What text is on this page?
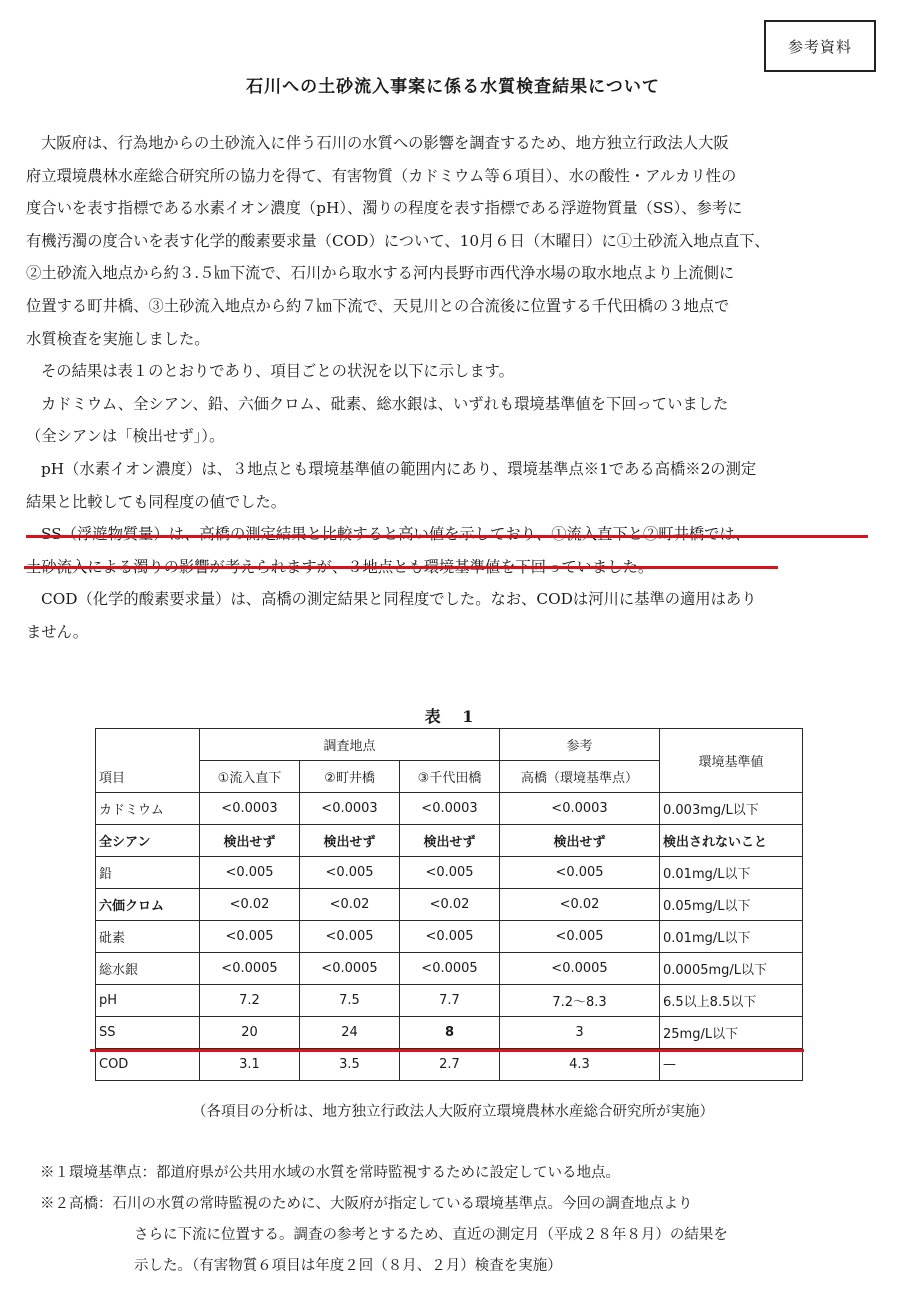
参考資料
石川への土砂流入事案に係る水質検査結果について
大阪府は、行為地からの土砂流入に伴う石川の水質への影響を調査するため、地方独立行政法人大阪
府立環境農林水産総合研究所の協力を得て、有害物質（カドミウム等６項目）、水の酸性・アルカリ性の
度合いを表す指標である水素イオン濃度（pH）、濁りの程度を表す指標である浮遊物質量（SS）、参考に
有機汚濁の度合いを表す化学的酸素要求量（COD）について、10月６日（木曜日）に①土砂流入地点直下、
②土砂流入地点から約３.５㎞下流で、石川から取水する河内長野市西代浄水場の取水地点より上流側に
位置する町井橋、③土砂流入地点から約７㎞下流で、天見川との合流後に位置する千代田橋の３地点で
水質検査を実施しました。
その結果は表１のとおりであり、項目ごとの状況を以下に示します。
カドミウム、全シアン、鉛、六価クロム、砒素、総水銀は、いずれも環境基準値を下回っていました
（全シアンは「検出せず」）。
pH（水素イオン濃度）は、３地点とも環境基準値の範囲内にあり、環境基準点※1である高橋※2の測定
結果と比較しても同程度の値でした。
COD（化学的酸素要求量）は、高橋の測定結果と同程度でした。なお、CODは河川に基準の適用はあり
ません。
表 1
項目	調査地点			参考	環境基準値
	①流入直下	②町井橋	③千代田橋	高橋（環境基準点）	
カドミウム	<0.0003	<0.0003	<0.0003	<0.0003	0.003mg/L以下
全シアン	検出せず	検出せず	検出せず	検出せず	検出されないこと
鉛	<0.005	<0.005	<0.005	<0.005	0.01mg/L以下
六価クロム	<0.02	<0.02	<0.02	<0.02	0.05mg/L以下
砒素	<0.005	<0.005	<0.005	<0.005	0.01mg/L以下
総水銀	<0.0005	<0.0005	<0.0005	<0.0005	0.0005mg/L以下
pH	7.2	7.5	7.7	7.2～8.3	6.5以上8.5以下
SS	20	24	8	3	25mg/L以下
COD	3.1	3.5	2.7	4.3	—
（各項目の分析は、地方独立行政法人大阪府立環境農林水産総合研究所が実施）
※１環境基準点：都道府県が公共用水域の水質を常時監視するために設定している地点。
※２高橋：石川の水質の常時監視のために、大阪府が指定している環境基準点。今回の調査地点より
さらに下流に位置する。調査の参考とするため、直近の測定月（平成２８年８月）の結果を
示した。（有害物質６項目は年度２回（８月、２月）検査を実施）
